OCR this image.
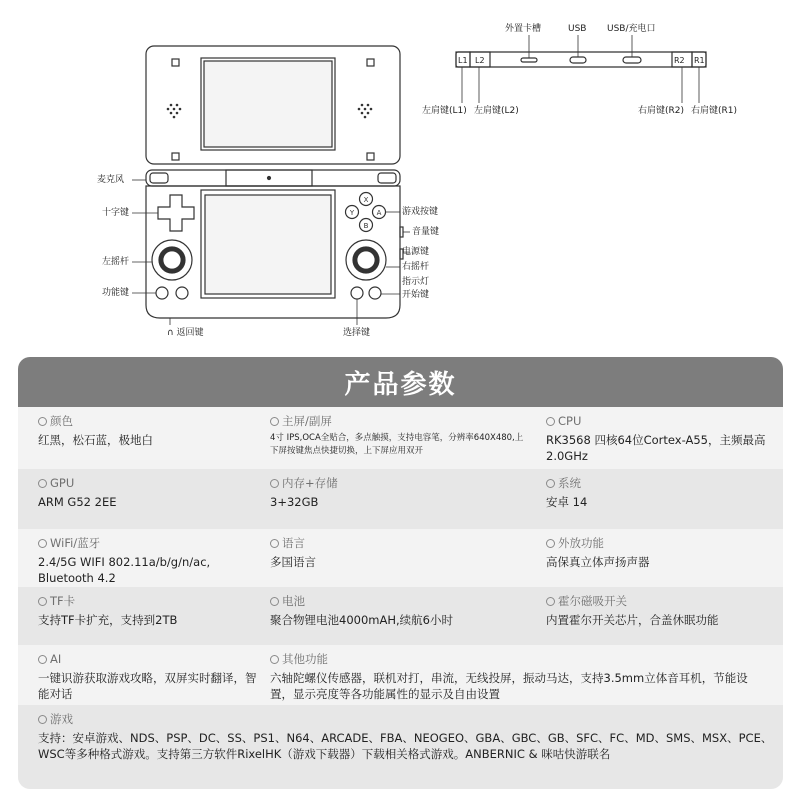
X
Y	A
B
外置卡槽	USB USB/充电口
L1 L2	R2 R1
左肩键(L1) 左肩键(L2)	右肩键(R2) 右肩键(R1)
麦克风
十字键
左摇杆
功能键
∩ 返回键
游戏按键
音量键
电源键
右摇杆
指示灯
开始键
选择键
产品参数
颜色
红黑，松石蓝，极地白
主屏/副屏
4寸 IPS,OCA全贴合，多点触摸，支持电容笔，分辨率640X480,上下屏按键焦点快捷切换，上下屏应用双开
CPU
RK3568 四核64位Cortex-A55，主频最高2.0GHz
GPU
ARM G52 2EE
内存+存储
3+32GB
系统
安卓 14
WiFi/蓝牙
2.4/5G WIFI 802.11a/b/g/n/ac, Bluetooth 4.2
语言
多国语言
外放功能
高保真立体声扬声器
TF卡
支持TF卡扩充，支持到2TB
电池
聚合物锂电池4000mAH,续航6小时
霍尔磁吸开关
内置霍尔开关芯片，合盖休眠功能
AI
一键识游获取游戏攻略，双屏实时翻译，智能对话
其他功能
六轴陀螺仪传感器，联机对打，串流，无线投屏，振动马达，支持3.5mm立体音耳机，节能设置，显示亮度等各功能属性的显示及自由设置
游戏
支持：安卓游戏、NDS、PSP、DC、SS、PS1、N64、ARCADE、FBA、NEOGEO、GBA、GBC、GB、SFC、FC、MD、SMS、MSX、PCE、WSC等多种格式游戏。支持第三方软件RixelHK（游戏下载器）下载相关格式游戏。ANBERNIC & 咪咕快游联名
